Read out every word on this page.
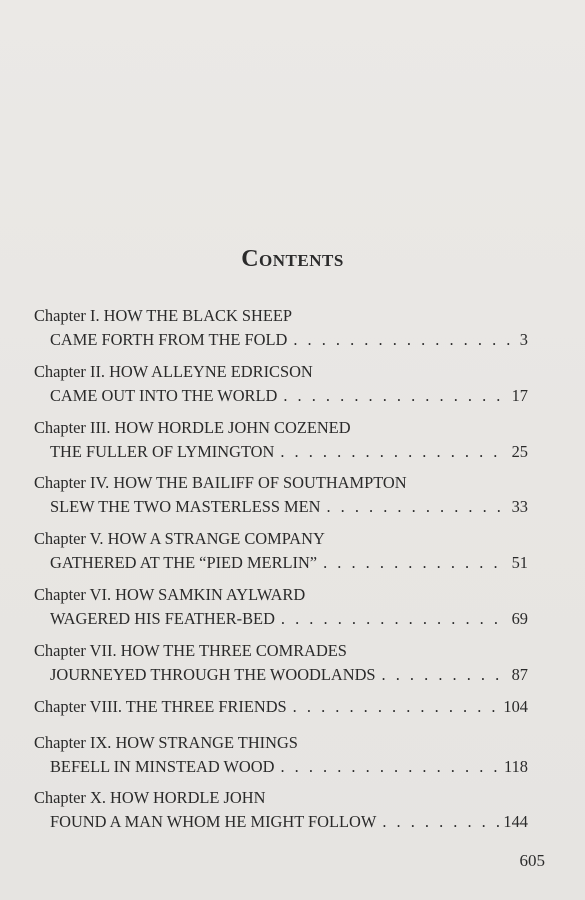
Contents
Chapter I. HOW THE BLACK SHEEP
CAME FORTH FROM THE FOLD . . .	3
Chapter II. HOW ALLEYNE EDRICSON
CAME OUT INTO THE WORLD . . .	17
Chapter III. HOW HORDLE JOHN COZENED
THE FULLER OF LYMINGTON . . .	25
Chapter IV. HOW THE BAILIFF OF SOUTHAMPTON
SLEW THE TWO MASTERLESS MEN . . .	33
Chapter V. HOW A STRANGE COMPANY
GATHERED AT THE “PIED MERLIN” . . .	51
Chapter VI. HOW SAMKIN AYLWARD
WAGERED HIS FEATHER-BED . . .	69
Chapter VII. HOW THE THREE COMRADES
JOURNEYED THROUGH THE WOODLANDS . . .	87
Chapter VIII. THE THREE FRIENDS . . .	104
Chapter IX. HOW STRANGE THINGS
BEFELL IN MINSTEAD WOOD . . .	118
Chapter X. HOW HORDLE JOHN
FOUND A MAN WHOM HE MIGHT FOLLOW . . .	144
605
